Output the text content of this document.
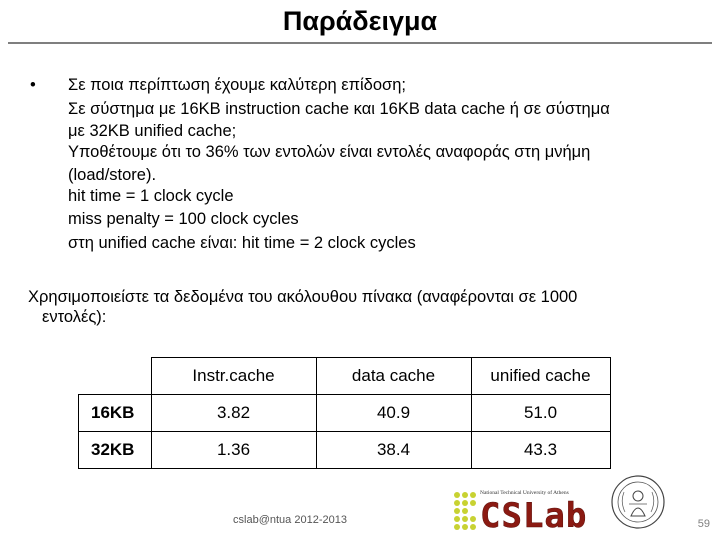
Παράδειγμα
• Σε ποια περίπτωση έχουμε καλύτερη επίδοση;
Σε σύστημα με 16KB instruction cache και 16KB data cache ή σε σύστημα
με 32KB unified cache;
Υποθέτουμε ότι το 36% των εντολών είναι εντολές αναφοράς στη μνήμη
(load/store).
hit time = 1 clock cycle
miss penalty = 100 clock cycles
στη unified cache είναι: hit time = 2 clock cycles
Χρησιμοποιείστε τα δεδομένα του ακόλουθου πίνακα (αναφέρονται σε 1000
εντολές):
	Instr.cache	data cache	unified cache
16KB	3.82	40.9	51.0
32KB	1.36	38.4	43.3
cslab@ntua 2012-2013
National Technical University of Athens
CSLab	59
